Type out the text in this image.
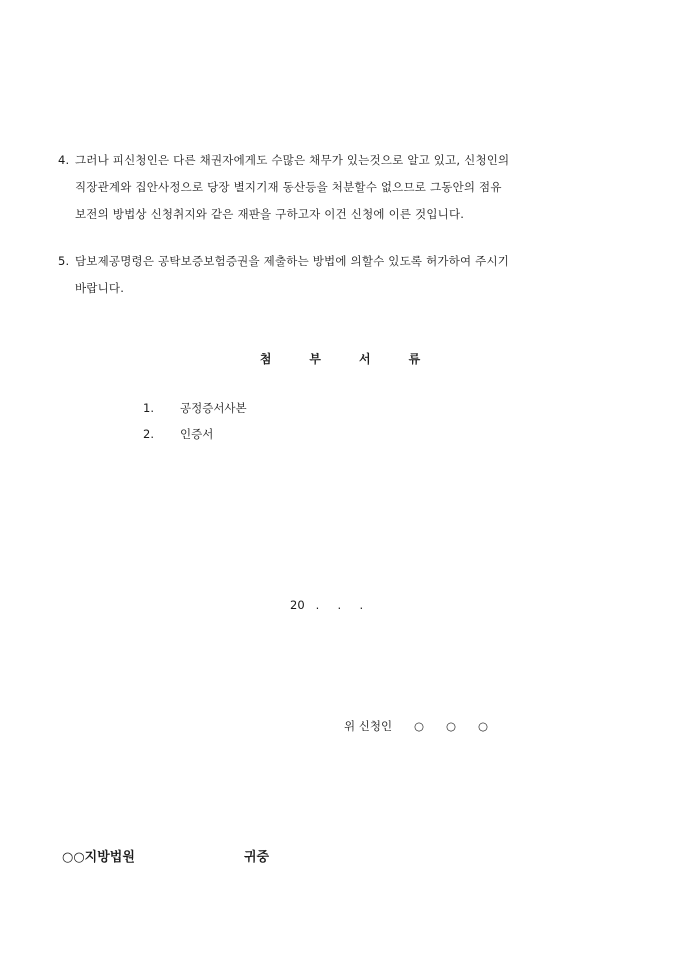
4. 그러나 피신청인은 다른 채권자에게도 수많은 채무가 있는것으로 알고 있고, 신청인의
직장관계와 집안사정으로 당장 별지기재 동산등을 처분할수 없으므로 그동안의 점유
보전의 방법상 신청취지와 같은 재판을 구하고자 이건 신청에 이른 것입니다.
5. 담보제공명령은 공탁보증보험증권을 제출하는 방법에 의할수 있도록 허가하여 주시기
바랍니다.
첨부서류
1. 공정증서사본
2. 인증서
20   .     .     .
위 신청인      ○      ○      ○
○○지방법원	귀중
